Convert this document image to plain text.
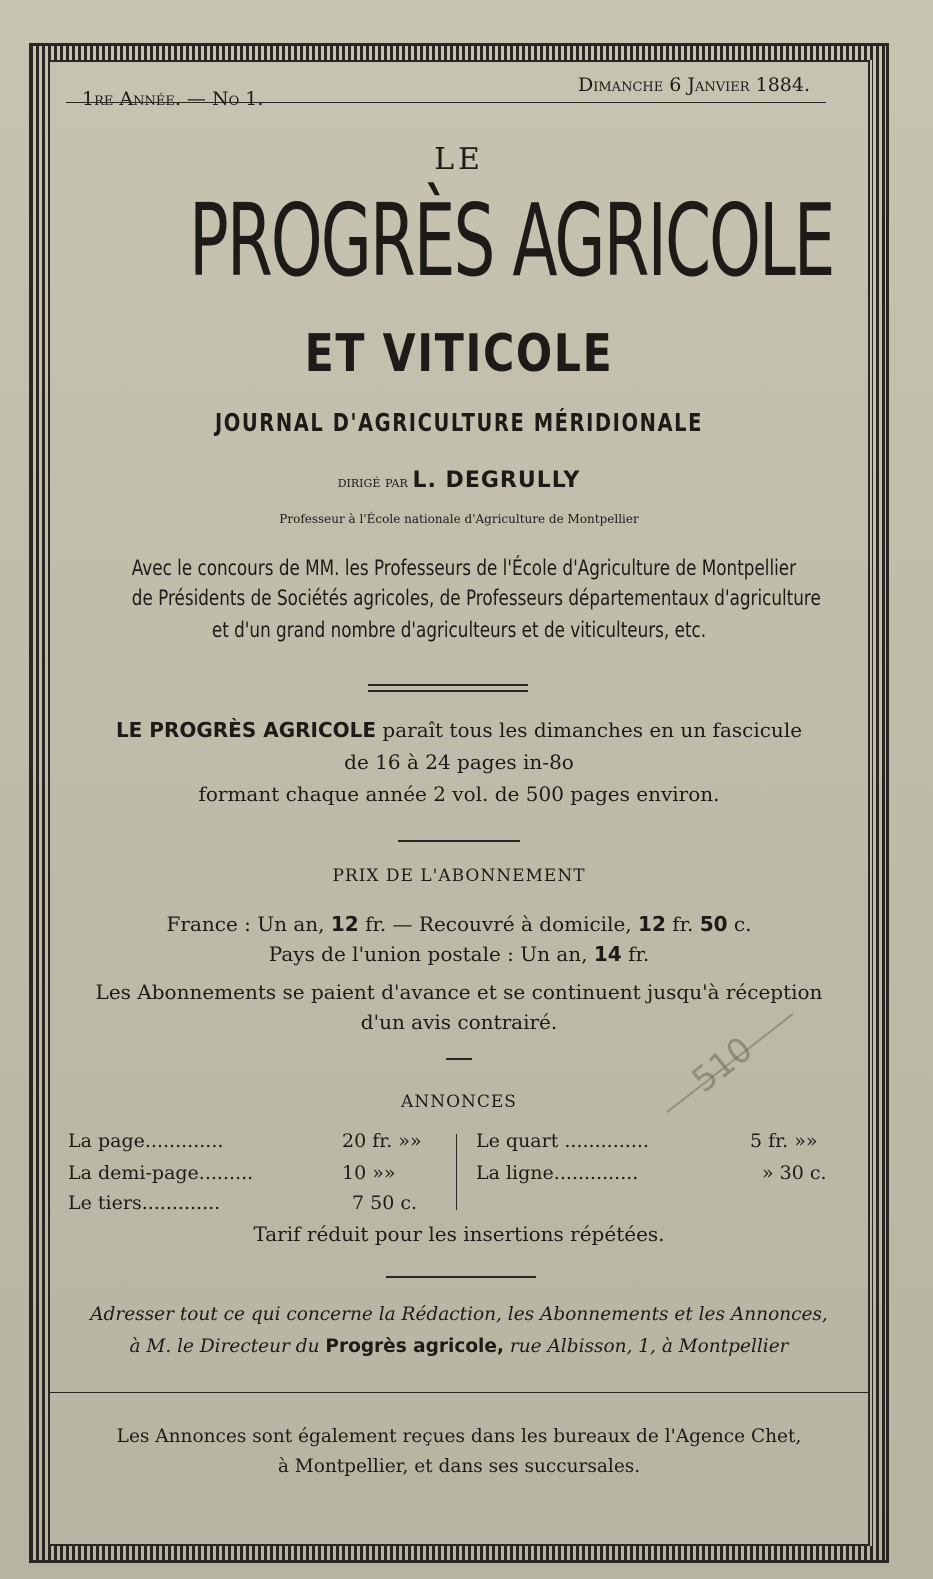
510
1re Année. — No 1.
Dimanche 6 Janvier 1884.
LE
PROGRÈS AGRICOLE
ET VITICOLE
JOURNAL D'AGRICULTURE MÉRIDIONALE
dirigé par L. DEGRULLY
Professeur à l'École nationale d'Agriculture de Montpellier
Avec le concours de MM. les Professeurs de l'École d'Agriculture de Montpellier
de Présidents de Sociétés agricoles, de Professeurs départementaux d'agriculture
et d'un grand nombre d'agriculteurs et de viticulteurs, etc.
LE PROGRÈS AGRICOLE paraît tous les dimanches en un fascicule
de 16 à 24 pages in-8o
formant chaque année 2 vol. de 500 pages environ.
PRIX DE L'ABONNEMENT
France : Un an, 12 fr. — Recouvré à domicile, 12 fr. 50 c.
Pays de l'union postale : Un an, 14 fr.
Les Abonnements se paient d'avance et se continuent jusqu'à réception
d'un avis contrairé.
ANNONCES
La page.............	20 fr. »»
La demi-page.........	10 »»
Le tiers.............	7 50 c.
Le quart ..............	5 fr. »»
La ligne..............	» 30 c.
Tarif réduit pour les insertions répétées.
Adresser tout ce qui concerne la Rédaction, les Abonnements et les Annonces,
à M. le Directeur du Progrès agricole, rue Albisson, 1, à Montpellier
Les Annonces sont également reçues dans les bureaux de l'Agence Chet,
à Montpellier, et dans ses succursales.
